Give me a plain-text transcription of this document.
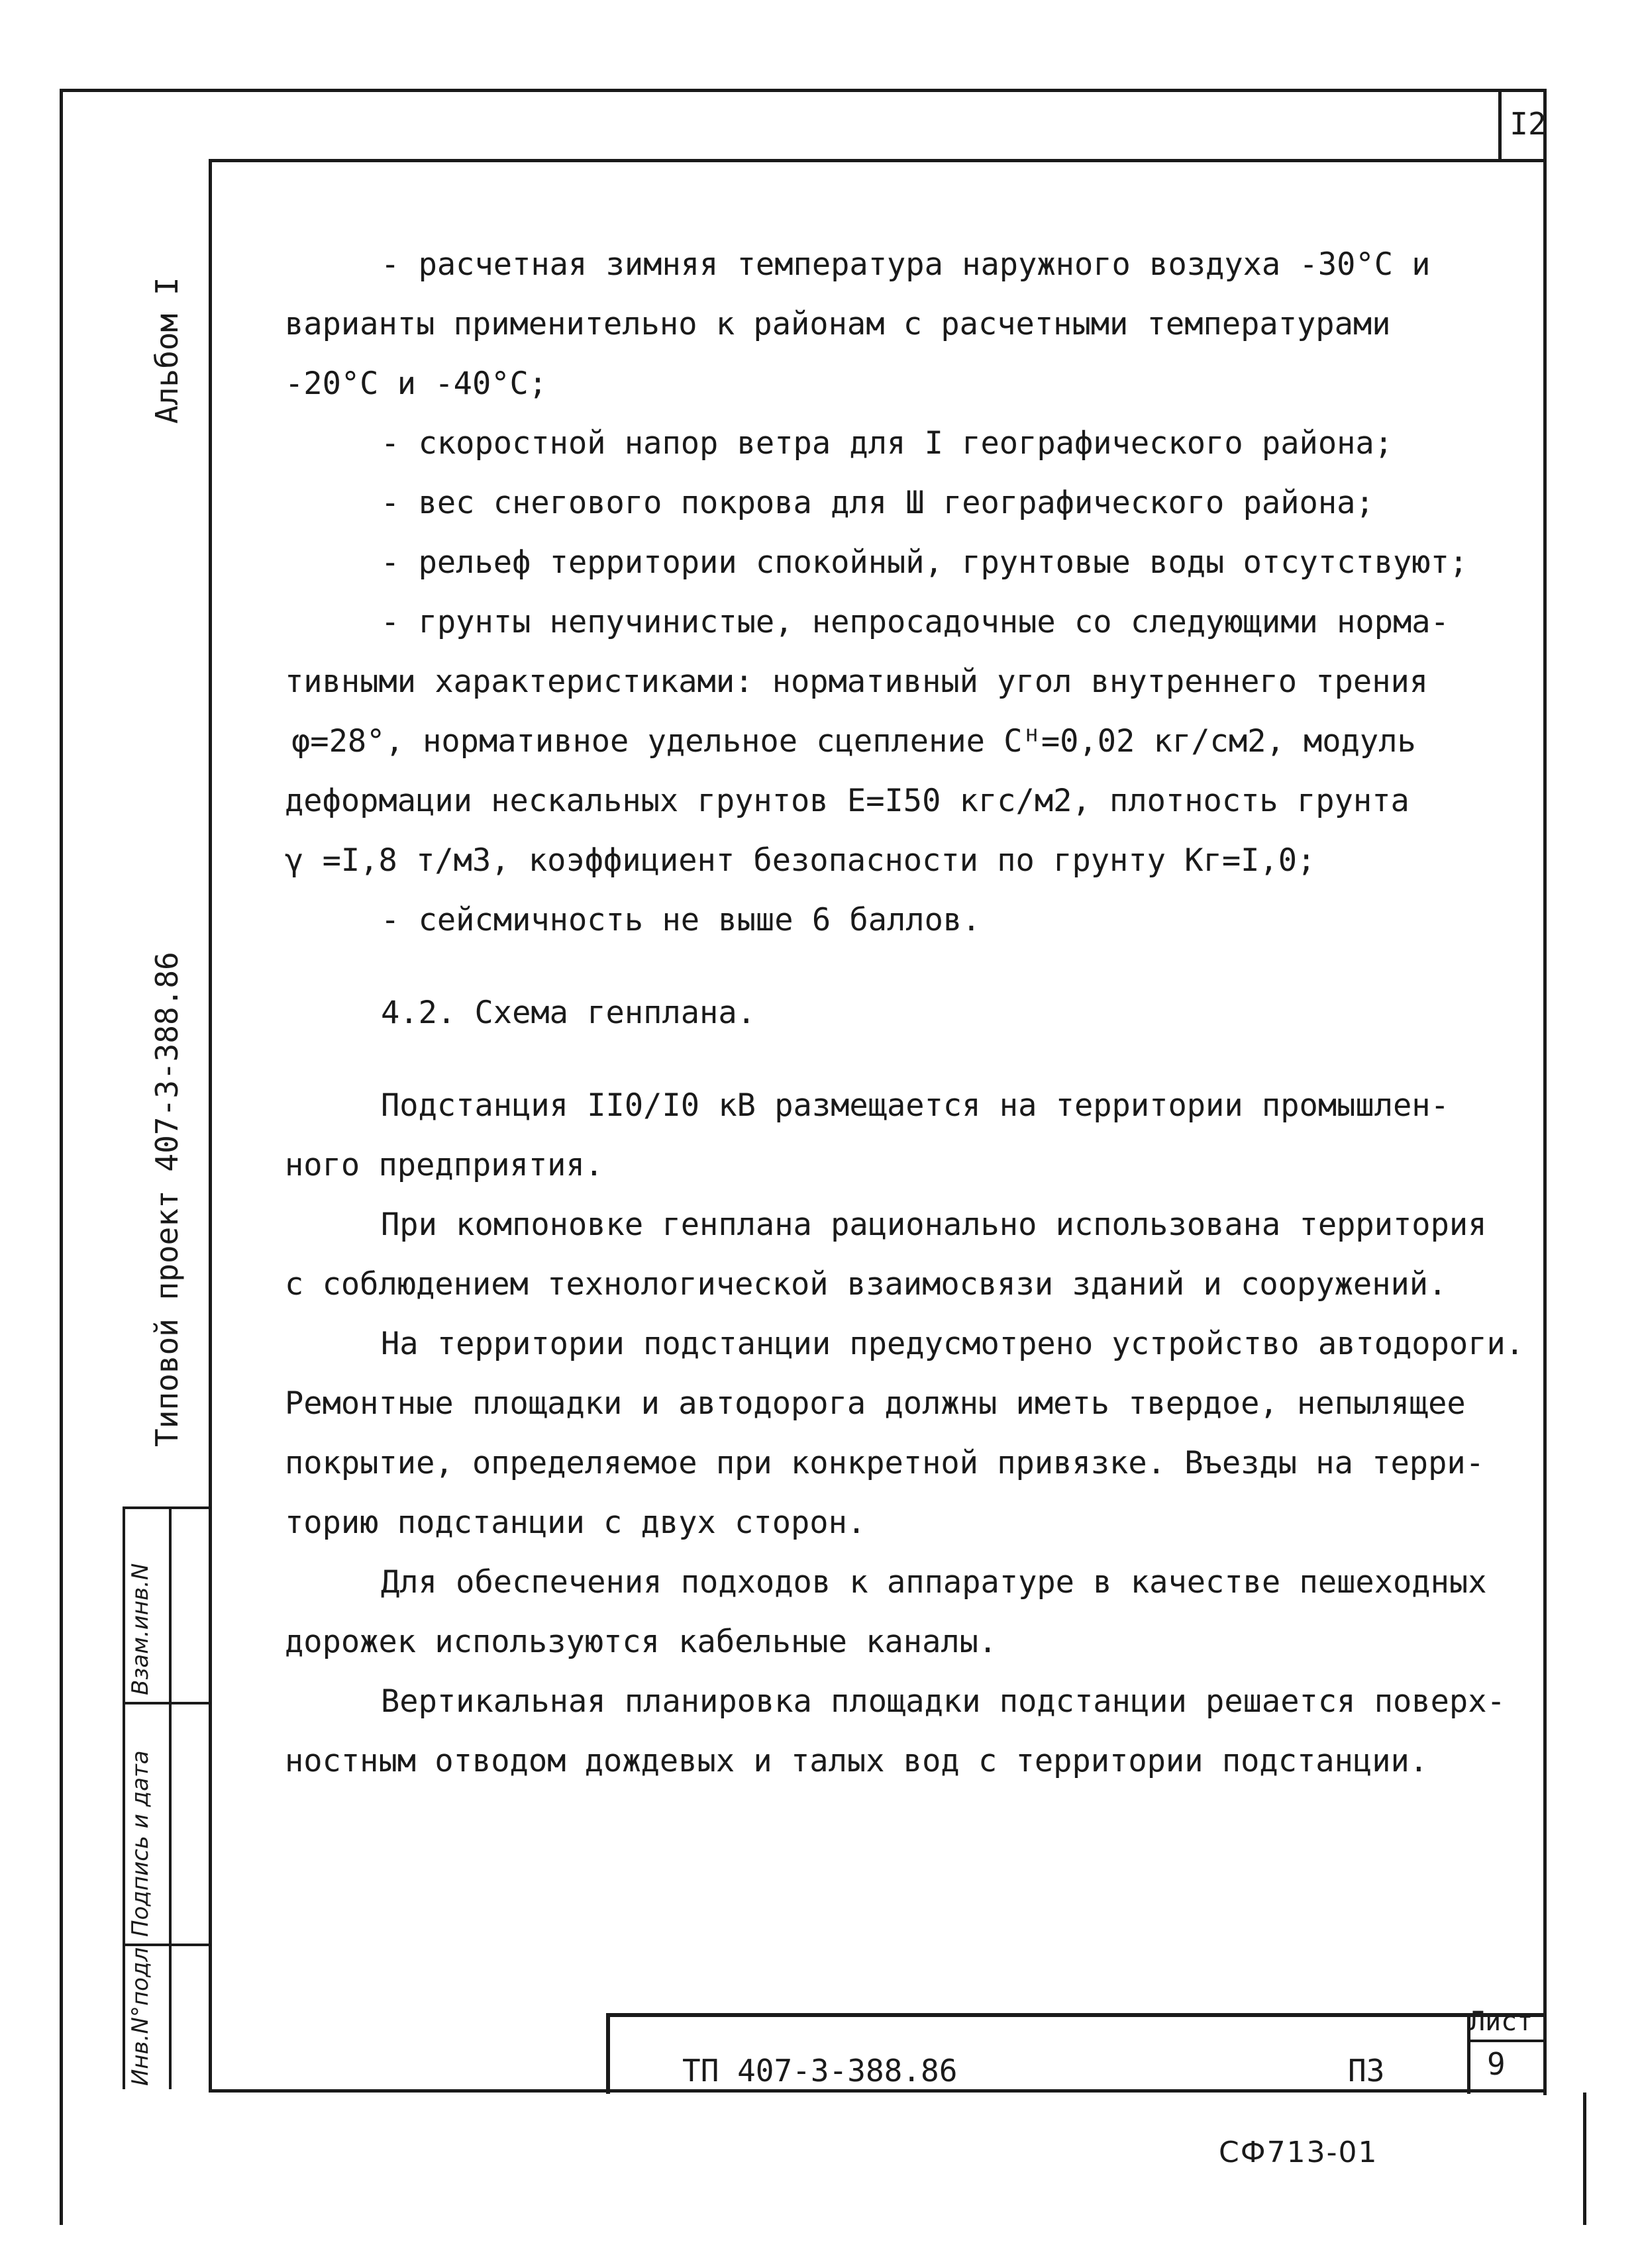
I2
Альбом I
Типовой проект 407-3-388.86
Инв.N°подл
Подпись и дата
Взам.инв.N

- расчетная зимняя температура наружного воздуха -30°С и

варианты применительно к районам с расчетными температурами

-20°С и -40°С;

- скоростной напор ветра для I географического района;

- вес снегового покрова для Ш географического района;

- рельеф территории спокойный, грунтовые воды отсутствуют;

- грунты непучинистые, непросадочные со следующими норма-

тивными характеристиками: нормативный угол внутреннего трения

φ=28°, нормативное удельное сцепление Сᴴ=0,02 кг/см2, модуль

деформации нескальных грунтов Е=I50 кгс/м2, плотность грунта

γ =I,8 т/м3, коэффициент безопасности по грунту Кг=I,0;

- сейсмичность не выше 6 баллов.

4.2. Схема генплана.

Подстанция II0/I0 кВ размещается на территории промышлен-

ного предприятия.

При компоновке генплана рационально использована территория

с соблюдением технологической взаимосвязи зданий и сооружений.

На территории подстанции предусмотрено устройство автодороги.

Ремонтные площадки и автодорога должны иметь твердое, непылящее

покрытие, определяемое при конкретной привязке. Въезды на терри-

торию подстанции с двух сторон.

Для обеспечения подходов к аппаратуре в качестве пешеходных

дорожек используются кабельные каналы.

Вертикальная планировка площадки подстанции решается поверх-

ностным отводом дождевых и талых вод с территории подстанции.

ТП 407-3-388.86	ПЗ
Лист
9
СФ713-01
